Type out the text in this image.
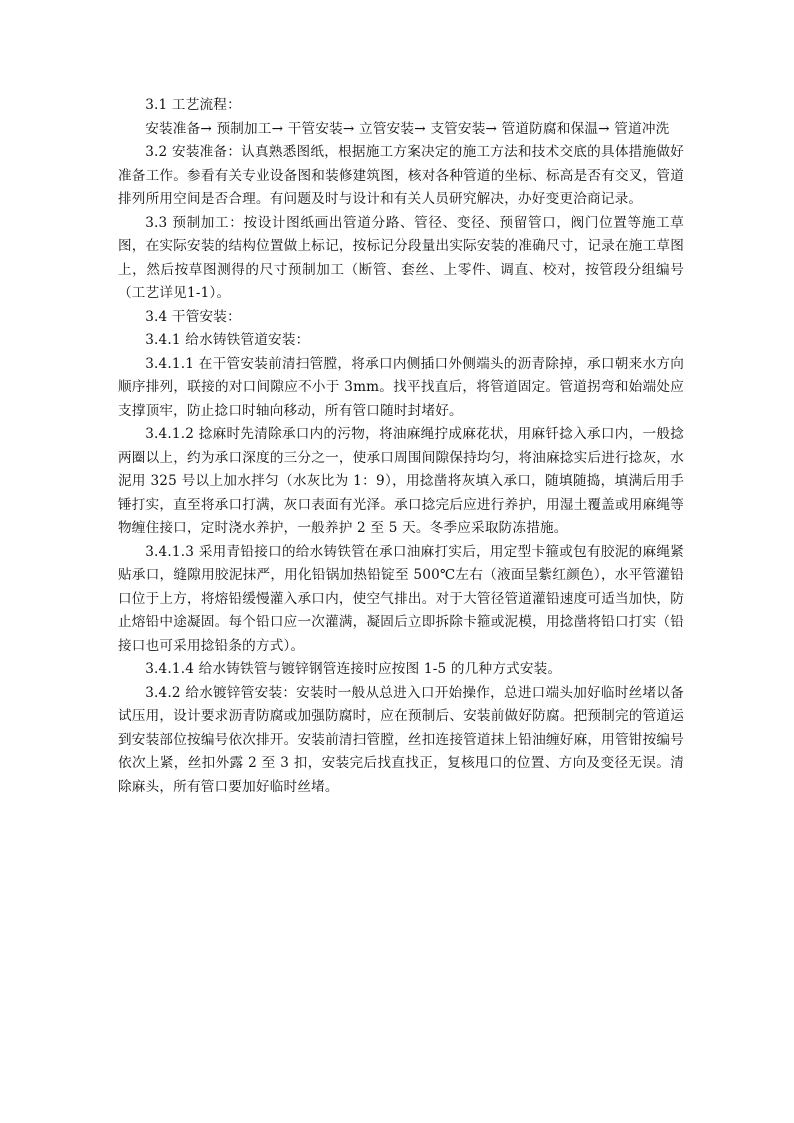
3.1 工艺流程：

安装准备→ 预制加工→ 干管安装→ 立管安装→ 支管安装→ 管道防腐和保温→ 管道冲洗

3.2 安装准备：认真熟悉图纸，根据施工方案决定的施工方法和技术交底的具体措施做好准备工作。参看有关专业设备图和装修建筑图，核对各种管道的坐标、标高是否有交叉，管道排列所用空间是否合理。有问题及时与设计和有关人员研究解决，办好变更洽商记录。

3.3 预制加工：按设计图纸画出管道分路、管径、变径、预留管口，阀门位置等施工草图，在实际安装的结构位置做上标记，按标记分段量出实际安装的准确尺寸，记录在施工草图上，然后按草图测得的尺寸预制加工（断管、套丝、上零件、调直、校对，按管段分组编号（工艺详见1-1）。

3.4 干管安装：

3.4.1 给水铸铁管道安装：

3.4.1.1 在干管安装前清扫管膛，将承口内侧插口外侧端头的沥青除掉，承口朝来水方向顺序排列，联接的对口间隙应不小于 3mm。找平找直后，将管道固定。管道拐弯和始端处应支撑顶牢，防止捻口时轴向移动，所有管口随时封堵好。

3.4.1.2 捻麻时先清除承口内的污物，将油麻绳拧成麻花状，用麻钎捻入承口内，一般捻两圈以上，约为承口深度的三分之一，使承口周围间隙保持均匀，将油麻捻实后进行捻灰，水泥用 325 号以上加水拌匀（水灰比为 1：9），用捻凿将灰填入承口，随填随捣，填满后用手锤打实，直至将承口打满，灰口表面有光泽。承口捻完后应进行养护，用湿土覆盖或用麻绳等物缠住接口，定时浇水养护，一般养护 2 至 5 天。冬季应采取防冻措施。

3.4.1.3 采用青铅接口的给水铸铁管在承口油麻打实后，用定型卡箍或包有胶泥的麻绳紧贴承口，缝隙用胶泥抹严，用化铅锅加热铅锭至 500℃左右（液面呈紫红颜色），水平管灌铅口位于上方，将熔铅缓慢灌入承口内，使空气排出。对于大管径管道灌铅速度可适当加快，防止熔铅中途凝固。每个铅口应一次灌满，凝固后立即拆除卡箍或泥模，用捻凿将铅口打实（铅接口也可采用捻铅条的方式）。

3.4.1.4 给水铸铁管与镀锌钢管连接时应按图 1-5 的几种方式安装。

3.4.2 给水镀锌管安装：安装时一般从总进入口开始操作，总进口端头加好临时丝堵以备试压用，设计要求沥青防腐或加强防腐时，应在预制后、安装前做好防腐。把预制完的管道运到安装部位按编号依次排开。安装前清扫管膛，丝扣连接管道抹上铅油缠好麻，用管钳按编号依次上紧，丝扣外露 2 至 3 扣，安装完后找直找正，复核甩口的位置、方向及变径无误。清除麻头，所有管口要加好临时丝堵。
